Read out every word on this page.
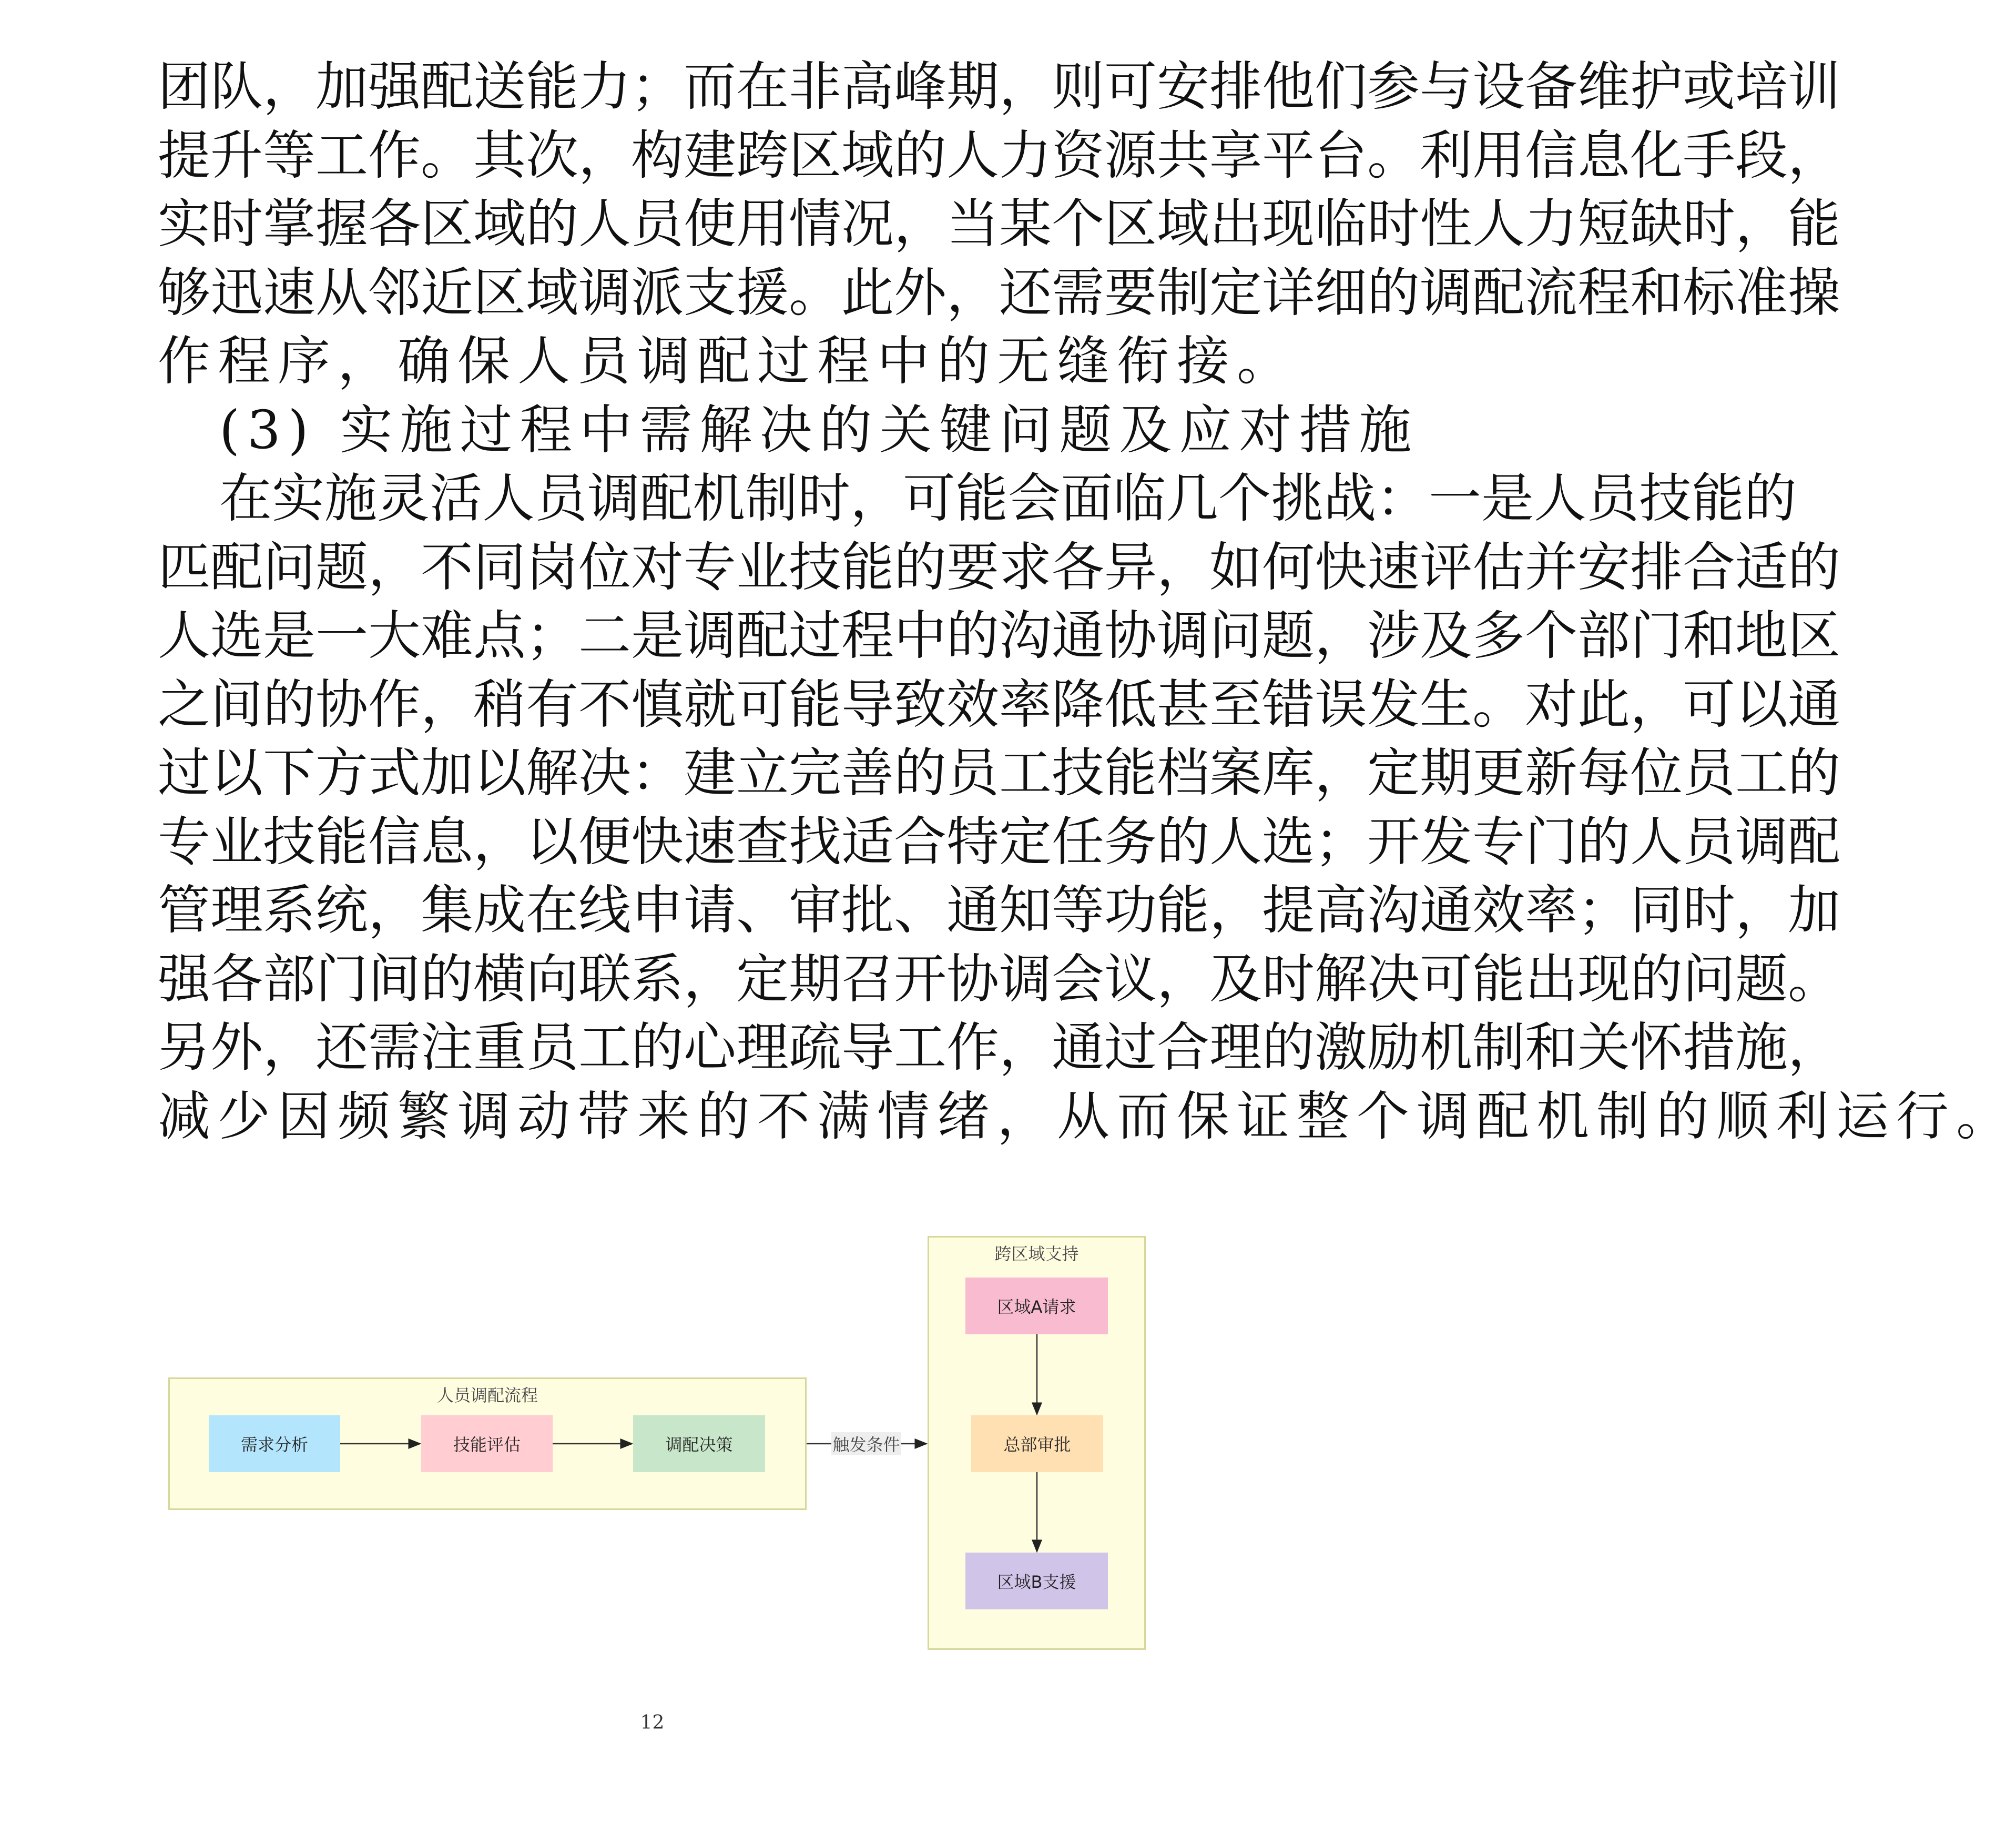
团队，加强配送能力；而在非高峰期，则可安排他们参与设备维护或培训
提升等工作。其次，构建跨区域的人力资源共享平台。利用信息化手段，
实时掌握各区域的人员使用情况，当某个区域出现临时性人力短缺时，能
够迅速从邻近区域调派支援。此外，还需要制定详细的调配流程和标准操
作程序，确保人员调配过程中的无缝衔接。
(3) 实施过程中需解决的关键问题及应对措施
在实施灵活人员调配机制时，可能会面临几个挑战：一是人员技能的
匹配问题，不同岗位对专业技能的要求各异，如何快速评估并安排合适的
人选是一大难点；二是调配过程中的沟通协调问题，涉及多个部门和地区
之间的协作，稍有不慎就可能导致效率降低甚至错误发生。对此，可以通
过以下方式加以解决：建立完善的员工技能档案库，定期更新每位员工的
专业技能信息，以便快速查找适合特定任务的人选；开发专门的人员调配
管理系统，集成在线申请、审批、通知等功能，提高沟通效率；同时，加
强各部门间的横向联系，定期召开协调会议，及时解决可能出现的问题。
另外，还需注重员工的心理疏导工作，通过合理的激励机制和关怀措施，
减少因频繁调动带来的不满情绪，从而保证整个调配机制的顺利运行。
人员调配流程
跨区域支持
需求分析	技能评估	调配决策	触发条件
区域A请求
总部审批
区域B支援
12
